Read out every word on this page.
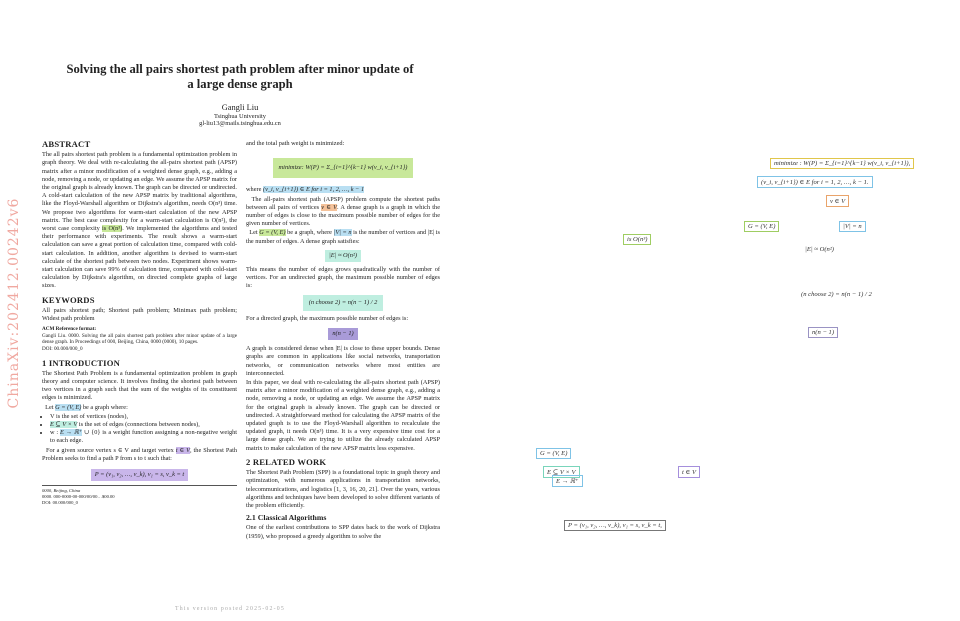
ChinaXiv:202412.00242v6
Solving the all pairs shortest path problem after minor update of
a large dense graph
Gangli Liu
Tsinghua University
gl-liu13@mails.tsinghua.edu.cn
ABSTRACT

The all pairs shortest path problem is a fundamental optimization problem in graph theory. We deal with re-calculating the all-pairs shortest path (APSP) matrix after a minor modification of a weighted dense graph, e.g., adding a node, removing a node, or updating an edge. We assume the APSP matrix for the original graph is already known. The graph can be directed or undirected. A cold-start calculation of the new APSP matrix by traditional algorithms, like the Floyd-Warshall algorithm or Dijkstra's algorithm, needs O(n³) time. We propose two algorithms for warm-start calculation of the new APSP matrix. The best case complexity for a warm-start calculation is O(n²), the worst case complexity is O(n³). We implemented the algorithms and tested their performance with experiments. The result shows a warm-start calculation can save a great portion of calculation time, compared with cold-start calculation. In addition, another algorithm is devised to warm-start calculate of the shortest path between two nodes. Experiment shows warm-start calculation can save 99% of calculation time, compared with cold-start calculation by Dijkstra's algorithm, on directed complete graphs of large sizes.

KEYWORDS

All pairs shortest path; Shortest path problem; Minimax path problem; Widest path problem

ACM Reference format:
Gangli Liu. 0000. Solving the all pairs shortest path problem after minor update of a large dense graph. In Proceedings of 000, Beijing, China, 0000 (0000), 10 pages.
DOI: 00.000/000_0
1 INTRODUCTION

The Shortest Path Problem is a fundamental optimization problem in graph theory and computer science. It involves finding the shortest path between two vertices in a graph such that the sum of the weights of its constituent edges is minimized.

Let G = (V, E) be a graph where:

• V is the set of vertices (nodes),
• E ⊆ V × V is the set of edges (connections between nodes),
• w : E → ℝ⁺ ∪ {0} is a weight function assigning a non-negative weight to each edge.

For a given source vertex s ∈ V and target vertex t ∈ V, the Shortest Path Problem seeks to find a path P from s to t such that:

P = (v₁, v₂, …, v_k), v₁ = s, v_k = t
0000, Beijing, China
0000. 000-0000-00-000/00/00…$00.00
DOI: 00.000/000_0

and the total path weight is minimized:

minimize: W(P) = Σ_{i=1}^{k−1} w(v_i, v_{i+1})

where (v_i, v_{i+1}) ∈ E for i = 1, 2, …, k − 1

The all-pairs shortest path (APSP) problem compute the shortest paths between all pairs of vertices v ∈ V. A dense graph is a graph in which the number of edges is close to the maximum possible number of edges for the given number of vertices.

Let G = (V, E) be a graph, where |V| = n is the number of vertices and |E| is the number of edges. A dense graph satisfies:

|E| ≈ O(n²)

This means the number of edges grows quadratically with the number of vertices. For an undirected graph, the maximum possible number of edges is:

(n choose 2) = n(n − 1) / 2

For a directed graph, the maximum possible number of edges is:

n(n − 1)

A graph is considered dense when |E| is close to these upper bounds. Dense graphs are common in applications like social networks, transportation networks, or communication networks where most entities are interconnected.

In this paper, we deal with re-calculating the all-pairs shortest path (APSP) matrix after a minor modification of a weighted dense graph, e.g., adding a node, removing a node, or updating an edge. We assume the APSP matrix for the original graph is already known. The graph can be directed or undirected. A straightforward method for calculating the APSP matrix of the updated graph is to use the Floyd-Warshall algorithm to recalculate the updated graph, it needs O(n³) time. It is a very expensive time cost for a large dense graph. We are trying to utilize the already calculated APSP matrix to make calculation of the new APSP matrix less expensive.

2 RELATED WORK

The Shortest Path Problem (SPP) is a foundational topic in graph theory and optimization, with numerous applications in transportation networks, telecommunications, and logistics [1, 3, 16, 20, 21]. Over the years, various algorithms and techniques have been developed to solve different variants of the problem efficiently.

2.1 Classical Algorithms

One of the earliest contributions to SPP dates back to the work of Dijkstra (1959), who proposed a greedy algorithm to solve the

This version posted 2025-02-05
minimize : W(P) = Σ_{i=1}^{k−1} w(v_i, v_{i+1}),
(v_i, v_{i+1}) ∈ E for i = 1, 2, …, k − 1.
v ∈ V
is O(n³)
G = (V, E)	|V| = n
|E| ≈ O(n²)
(n choose 2) = n(n − 1) / 2
n(n − 1)
G = (V, E)
E ⊆ V × V
E → ℝ⁺
t ∈ V
P = (v₁, v₂, …, v_k), v₁ = s, v_k = t,
